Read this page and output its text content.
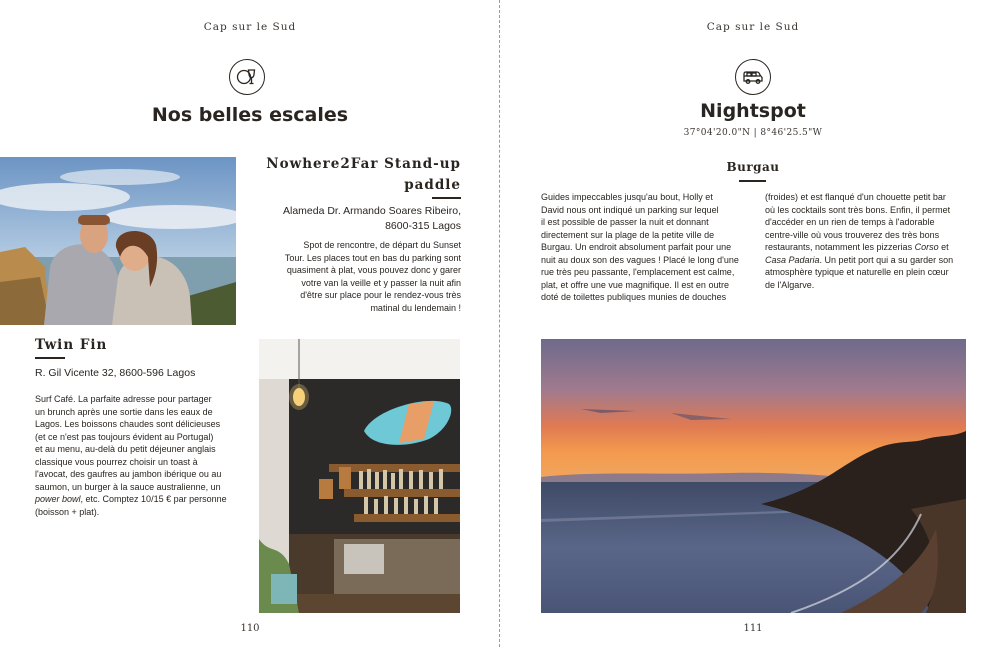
Cap sur le Sud
Nos belles escales
Nowhere2Far Stand-up
paddle
Alameda Dr. Armando Soares Ribeiro,
8600-315 Lagos
Spot de rencontre, de départ du Sunset
Tour. Les places tout en bas du parking sont
quasiment à plat, vous pouvez donc y garer
votre van la veille et y passer la nuit afin
d'être sur place pour le rendez-vous très
matinal du lendemain !
Twin Fin
R. Gil Vicente 32, 8600-596 Lagos
Surf Café. La parfaite adresse pour partager
un brunch après une sortie dans les eaux de
Lagos. Les boissons chaudes sont délicieuses
(et ce n'est pas toujours évident au Portugal)
et au menu, au-delà du petit déjeuner anglais
classique vous pourrez choisir un toast à
l'avocat, des gaufres au jambon ibérique ou au
saumon, un burger à la sauce australienne, un
power bowl, etc. Comptez 10/15 € par personne
(boisson + plat).
110
Cap sur le Sud
Nightspot
37°04'20.0"N | 8°46'25.5"W
Burgau
Guides impeccables jusqu'au bout, Holly et
David nous ont indiqué un parking sur lequel
il est possible de passer la nuit et donnant
directement sur la plage de la petite ville de
Burgau. Un endroit absolument parfait pour une
nuit au doux son des vagues ! Placé le long d'une
rue très peu passante, l'emplacement est calme,
plat, et offre une vue magnifique. Il est en outre
doté de toilettes publiques munies de douches
(froides) et est flanqué d'un chouette petit bar
où les cocktails sont très bons. Enfin, il permet
d'accéder en un rien de temps à l'adorable
centre-ville où vous trouverez des très bons
restaurants, notamment les pizzerias Corso et
Casa Padaria. Un petit port qui a su garder son
atmosphère typique et naturelle en plein cœur
de l'Algarve.
111
